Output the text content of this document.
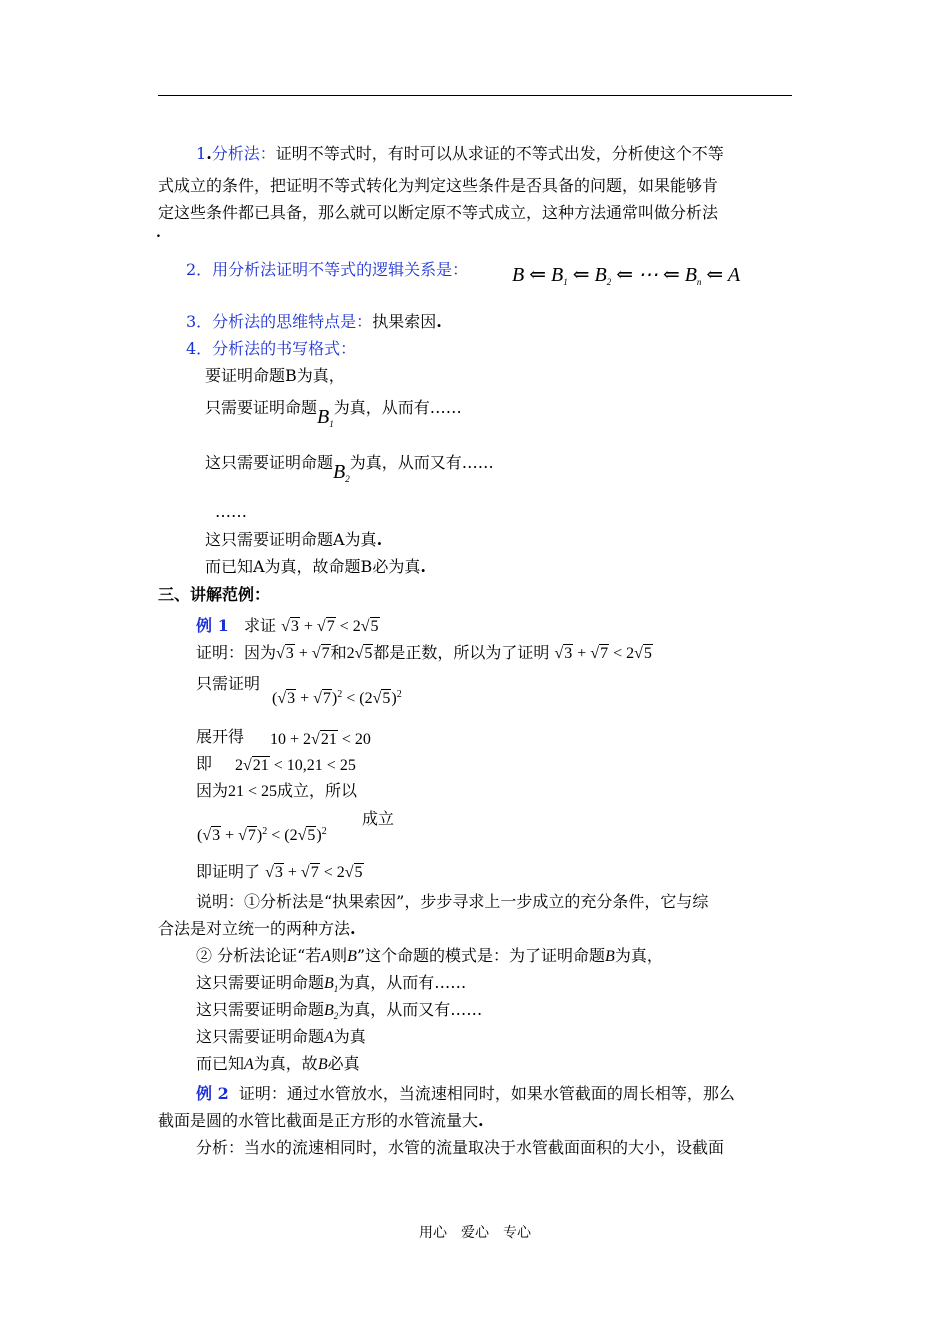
1.分析法：证明不等式时，有时可以从求证的不等式出发，分析使这个不等
式成立的条件，把证明不等式转化为判定这些条件是否具备的问题，如果能够肯
定这些条件都已具备，那么就可以断定原不等式成立，这种方法通常叫做分析法
.
2．用分析法证明不等式的逻辑关系是： B ⇐ $B_1$ ⇐ $B_2$ ⇐ ⋯ ⇐ $B_n$ ⇐ A
3．分析法的思维特点是：执果索因.
4．分析法的书写格式：
要证明命题B为真，
只需要证明命题$B_1$为真，从而有……
这只需要证明命题$B_2$为真，从而又有……
……
这只需要证明命题A为真.
而已知A为真，故命题B必为真.
三、讲解范例：
例 1 求证 √3 + √7 < 2√5
证明：因为√3 + √7和2√5都是正数，所以为了证明 √3 + √7 < 2√5
只需证明
$(√3 + √7)^2 < (2√5)^2$
展开得 10 + 2√21 < 20
即 2√21 < 10,21 < 25
因为21 < 25成立，所以
$(√3 + √7)^2 < (2√5)^2$
成立
即证明了 √3 + √7 < 2√5
说明：①分析法是“执果索因”，步步寻求上一步成立的充分条件，它与综
合法是对立统一的两种方法.
② 分析法论证“若A则B”这个命题的模式是：为了证明命题B为真，
这只需要证明命题$B_1$为真，从而有……
这只需要证明命题$B_2$为真，从而又有……
这只需要证明命题A为真
而已知A为真，故B必真
例 2 证明：通过水管放水，当流速相同时，如果水管截面的周长相等，那么
截面是圆的水管比截面是正方形的水管流量大.
分析：当水的流速相同时，水管的流量取决于水管截面面积的大小，设截面
用心　爱心　专心
